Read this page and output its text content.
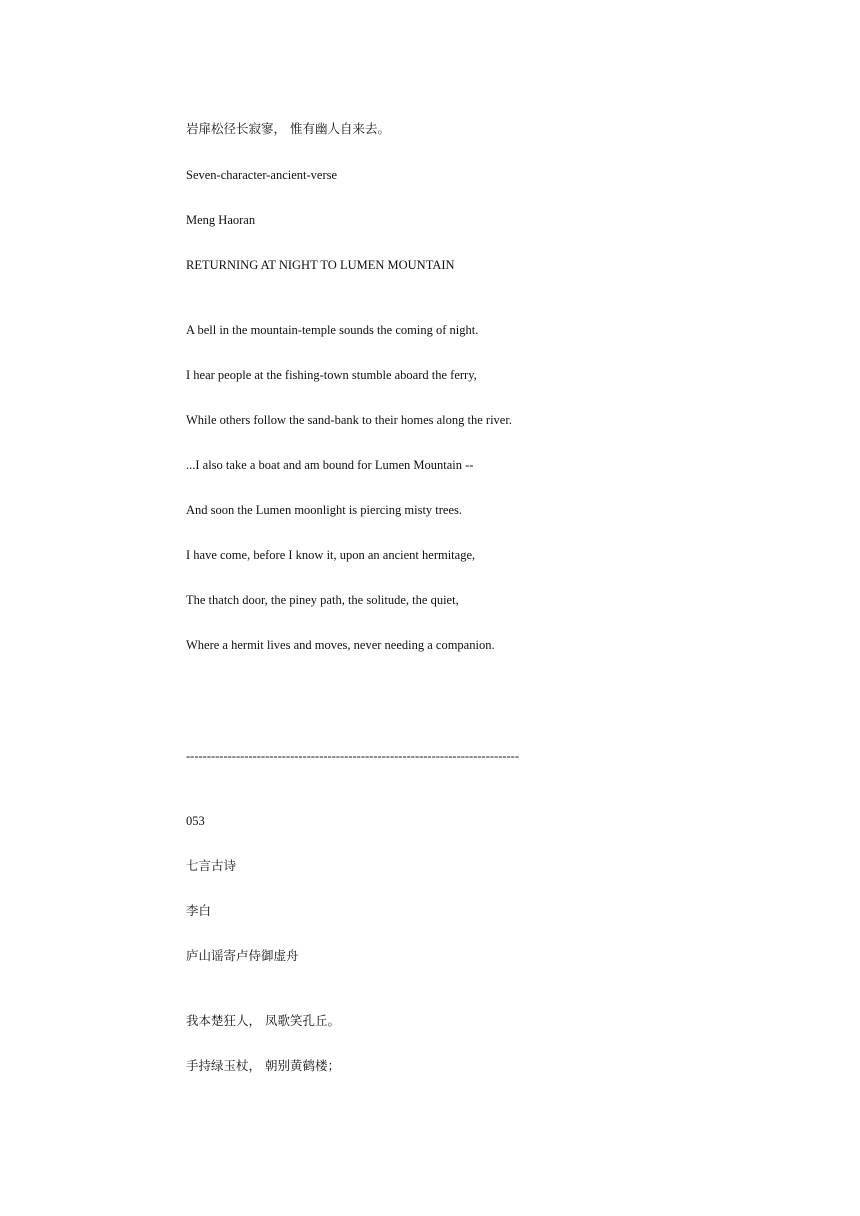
岩扉松径长寂寥， 惟有幽人自来去。

Seven-character-ancient-verse

Meng Haoran

RETURNING AT NIGHT TO LUMEN MOUNTAIN

A bell in the mountain-temple sounds the coming of night.

I hear people at the fishing-town stumble aboard the ferry,

While others follow the sand-bank to their homes along the river.

...I also take a boat and am bound for Lumen Mountain --

And soon the Lumen moonlight is piercing misty trees.

I have come, before I know it, upon an ancient hermitage,

The thatch door, the piney path, the solitude, the quiet,

Where a hermit lives and moves, never needing a companion.

--------------------------------------------------------------------------------

053

七言古诗

李白

庐山谣寄卢侍御虚舟

我本楚狂人， 凤歌笑孔丘。

手持绿玉杖， 朝别黄鹤楼；
